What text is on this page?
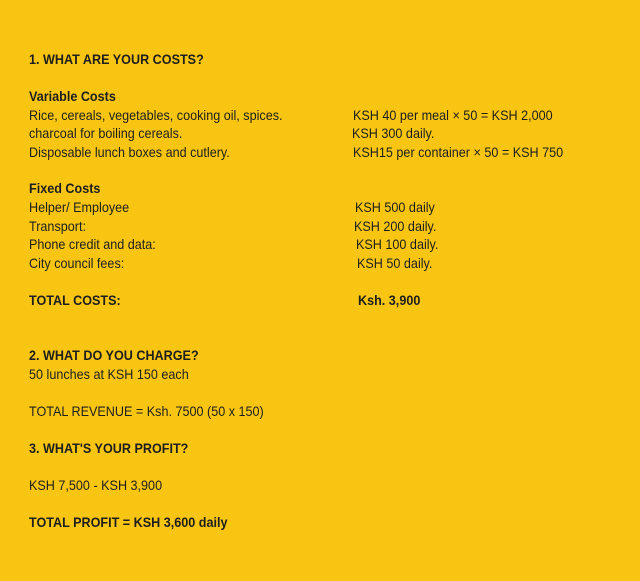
1. WHAT ARE YOUR COSTS?
Variable Costs
Rice, cereals, vegetables, cooking oil, spices.	KSH 40 per meal × 50 = KSH 2,000
charcoal for boiling cereals.	KSH 300 daily.
Disposable lunch boxes and cutlery.	KSH15 per container × 50 = KSH 750
Fixed Costs
Helper/ Employee	KSH 500 daily
Transport:	KSH 200 daily.
Phone credit and data:	KSH 100 daily.
City council fees:	KSH 50 daily.
TOTAL COSTS:	Ksh. 3,900
2. WHAT DO YOU CHARGE?
50 lunches at KSH 150 each
TOTAL REVENUE = Ksh. 7500 (50 x 150)
3. WHAT'S YOUR PROFIT?
KSH 7,500 - KSH 3,900
TOTAL PROFIT = KSH 3,600 daily
